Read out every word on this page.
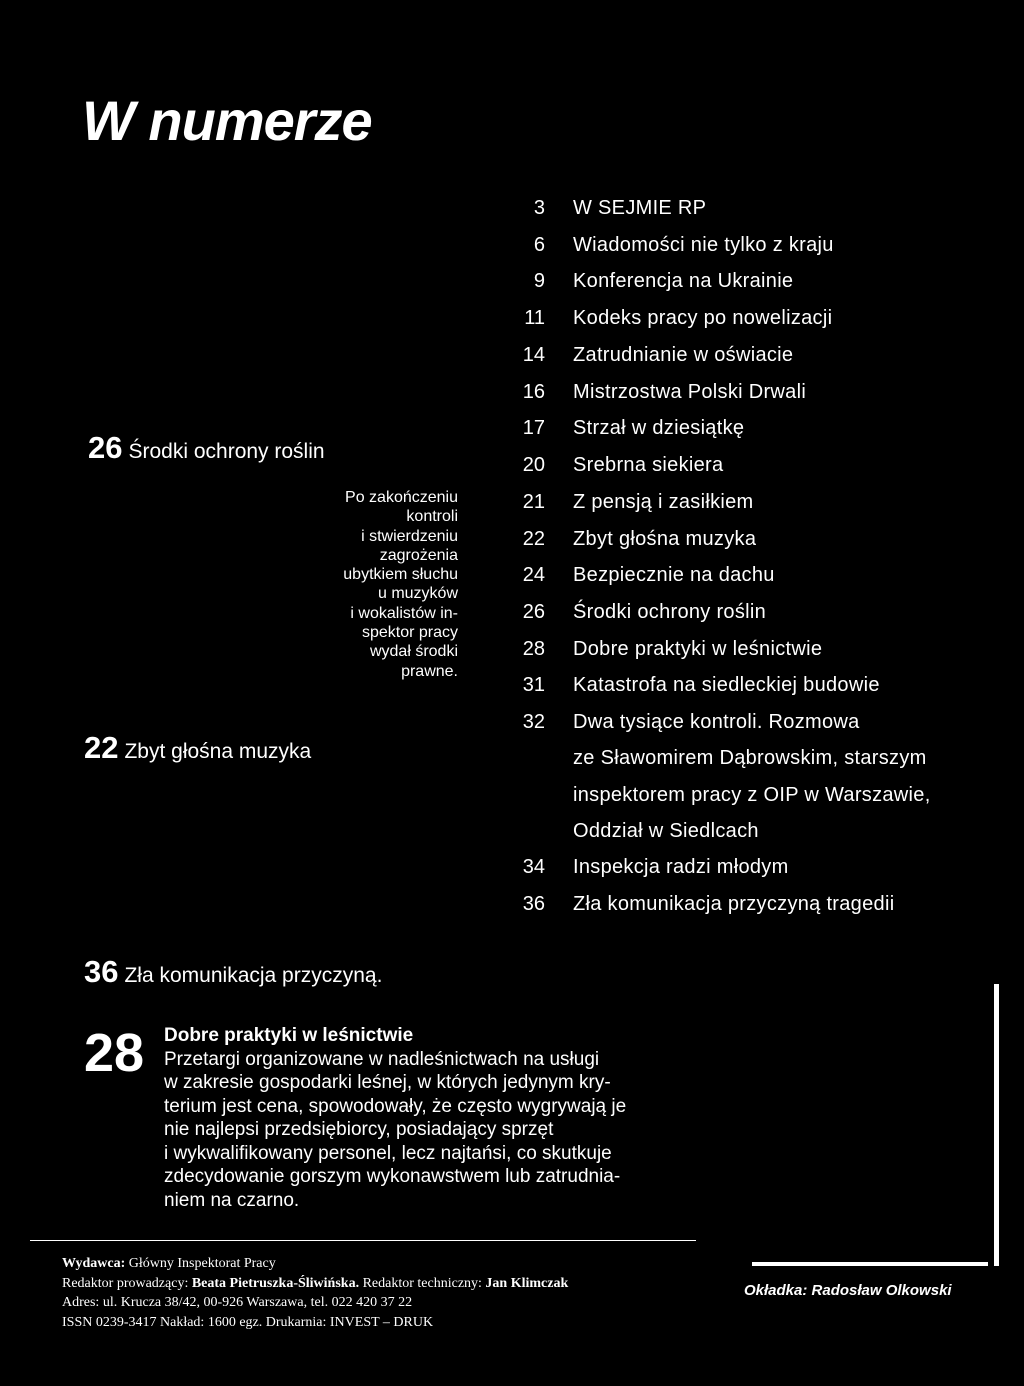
W numerze
3 W SEJMIE RP
6 Wiadomości nie tylko z kraju
9 Konferencja na Ukrainie
11 Kodeks pracy po nowelizacji
14 Zatrudnianie w oświacie
16 Mistrzostwa Polski Drwali
17 Strzał w dziesiątkę
20 Srebrna siekiera
21 Z pensją i zasiłkiem
22 Zbyt głośna muzyka
24 Bezpiecznie na dachu
26 Środki ochrony roślin
28 Dobre praktyki w leśnictwie
31 Katastrofa na siedleckiej budowie
32 Dwa tysiące kontroli. Rozmowa
ze Sławomirem Dąbrowskim, starszym
inspektorem pracy z OIP w Warszawie,
Oddział w Siedlcach
34 Inspekcja radzi młodym
36 Zła komunikacja przyczyną tragedii
26 Środki ochrony roślin
Po zakończeniu
kontroli
i stwierdzeniu
zagrożenia
ubytkiem słuchu
u muzyków
i wokalistów in-
spektor pracy
wydał środki
prawne.
22 Zbyt głośna muzyka
36 Zła komunikacja przyczyną.
28 Dobre praktyki w leśnictwie
Przetargi organizowane w nadleśnictwach na usługi
w zakresie gospodarki leśnej, w których jedynym kry-
terium jest cena, spowodowały, że często wygrywają je
nie najlepsi przedsiębiorcy, posiadający sprzęt
i wykwalifikowany personel, lecz najtańsi, co skutkuje
zdecydowanie gorszym wykonawstwem lub zatrudnia-
niem na czarno.
Wydawca: Główny Inspektorat Pracy
Redaktor prowadzący: Beata Pietruszka-Śliwińska. Redaktor techniczny: Jan Klimczak
Adres: ul. Krucza 38/42, 00-926 Warszawa, tel. 022 420 37 22
ISSN 0239-3417 Nakład: 1600 egz. Drukarnia: INVEST – DRUK
Okładka: Radosław Olkowski
